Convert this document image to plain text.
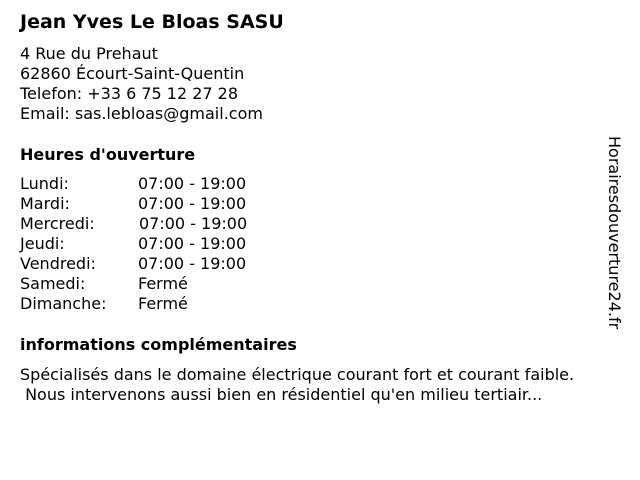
Jean Yves Le Bloas SASU
4 Rue du Prehaut
62860 Écourt-Saint-Quentin
Telefon: +33 6 75 12 27 28
Email: sas.lebloas@gmail.com
Heures d'ouverture
Lundi:	07:00 - 19:00
Mardi:	07:00 - 19:00
Mercredi:	07:00 - 19:00
Jeudi:	07:00 - 19:00
Vendredi:	07:00 - 19:00
Samedi:	Fermé
Dimanche: Fermé
informations complémentaires
Spécialisés dans le domaine électrique courant fort et courant faible.
Nous intervenons aussi bien en résidentiel qu'en milieu tertiair...
Horairesdouverture24.fr
